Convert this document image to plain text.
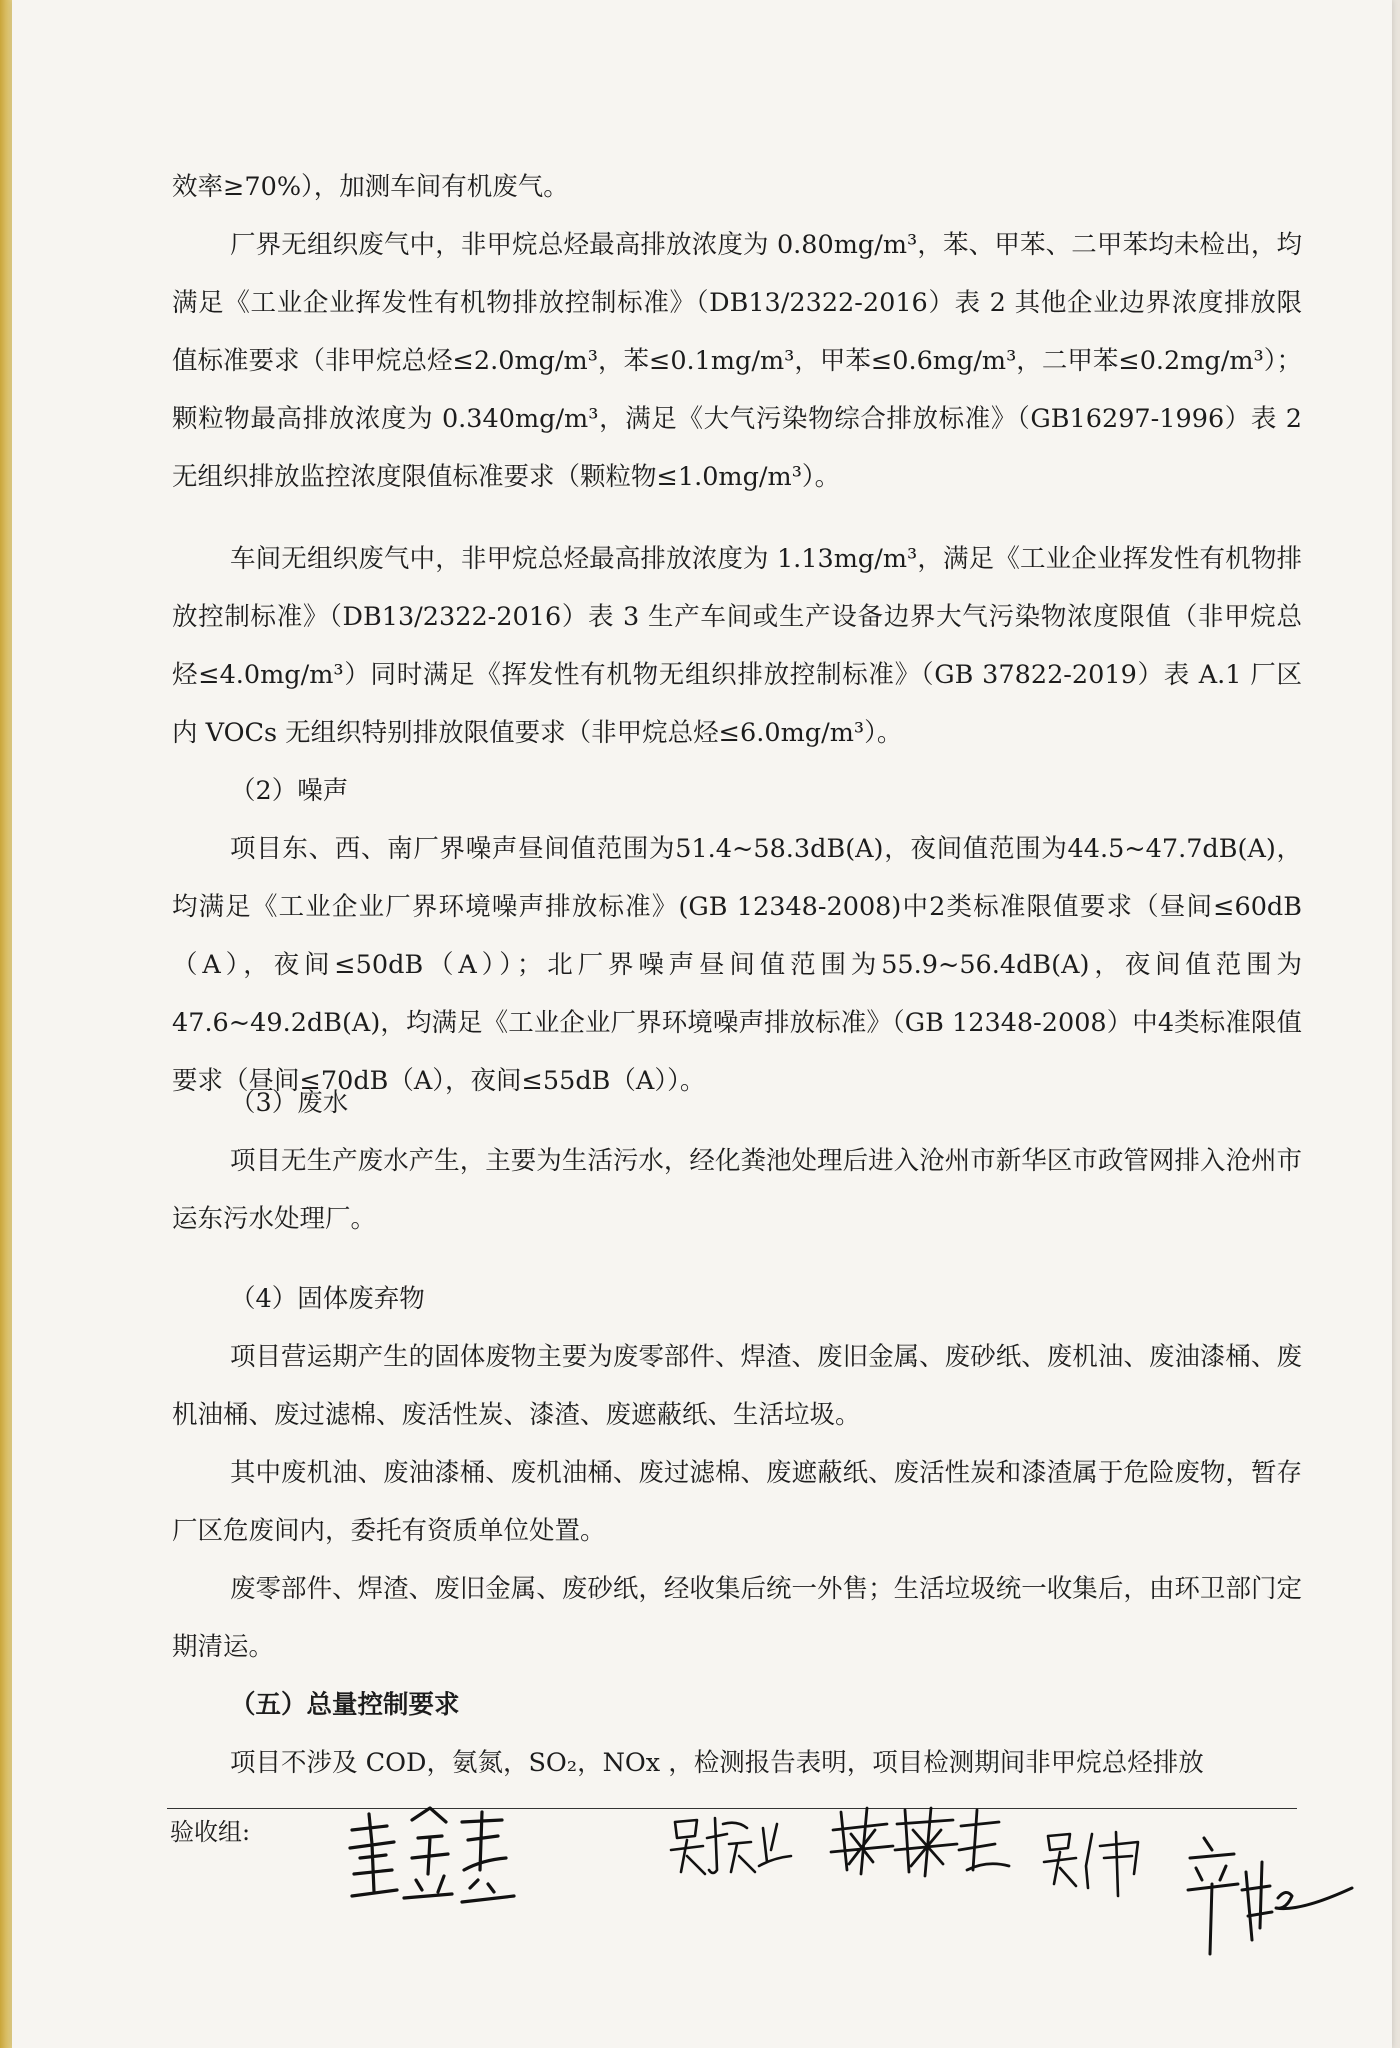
效率≥70%），加测车间有机废气。

厂界无组织废气中，非甲烷总烃最高排放浓度为 0.80mg/m³，苯、甲苯、二甲苯均未检出，均满足《工业企业挥发性有机物排放控制标准》（DB13/2322-2016）表 2 其他企业边界浓度排放限值标准要求（非甲烷总烃≤2.0mg/m³，苯≤0.1mg/m³，甲苯≤0.6mg/m³，二甲苯≤0.2mg/m³）；颗粒物最高排放浓度为 0.340mg/m³，满足《大气污染物综合排放标准》（GB16297-1996）表 2 无组织排放监控浓度限值标准要求（颗粒物≤1.0mg/m³）。

车间无组织废气中，非甲烷总烃最高排放浓度为 1.13mg/m³，满足《工业企业挥发性有机物排放控制标准》（DB13/2322-2016）表 3 生产车间或生产设备边界大气污染物浓度限值（非甲烷总烃≤4.0mg/m³）同时满足《挥发性有机物无组织排放控制标准》（GB 37822-2019）表 A.1 厂区内 VOCs 无组织特别排放限值要求（非甲烷总烃≤6.0mg/m³）。

（2）噪声

项目东、西、南厂界噪声昼间值范围为51.4~58.3dB(A)，夜间值范围为44.5~47.7dB(A)，均满足《工业企业厂界环境噪声排放标准》(GB 12348-2008)中2类标准限值要求（昼间≤60dB（A），夜间≤50dB（A））；北厂界噪声昼间值范围为55.9~56.4dB(A)，夜间值范围为47.6~49.2dB(A)，均满足《工业企业厂界环境噪声排放标准》（GB 12348-2008）中4类标准限值要求（昼间≤70dB（A），夜间≤55dB（A））。

（3）废水

项目无生产废水产生，主要为生活污水，经化粪池处理后进入沧州市新华区市政管网排入沧州市运东污水处理厂。

（4）固体废弃物

项目营运期产生的固体废物主要为废零部件、焊渣、废旧金属、废砂纸、废机油、废油漆桶、废机油桶、废过滤棉、废活性炭、漆渣、废遮蔽纸、生活垃圾。

其中废机油、废油漆桶、废机油桶、废过滤棉、废遮蔽纸、废活性炭和漆渣属于危险废物，暂存厂区危废间内，委托有资质单位处置。

废零部件、焊渣、废旧金属、废砂纸，经收集后统一外售；生活垃圾统一收集后，由环卫部门定期清运。

（五）总量控制要求

项目不涉及 COD，氨氮，SO₂，NOx ，检测报告表明，项目检测期间非甲烷总烃排放

验收组:
